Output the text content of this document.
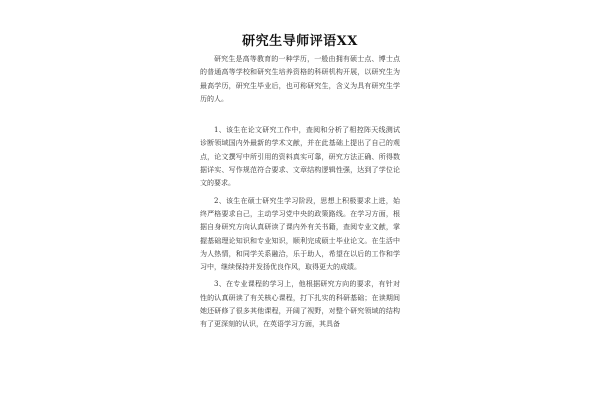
研究生导师评语XX

研究生是高等教育的一种学历，一般由拥有硕士点、博士点的普通高等学校和研究生培养资格的科研机构开展，以研究生为最高学历，研究生毕业后，也可称研究生，含义为具有研究生学历的人。

1、该生在论文研究工作中，查阅和分析了相控阵天线测试诊断领域国内外最新的学术文献，并在此基础上提出了自己的观点，论文撰写中所引用的资料真实可靠，研究方法正确、所得数据详实、写作规范符合要求、文章结构逻辑性强，达到了学位论文的要求。

2、该生在硕士研究生学习阶段，思想上积极要求上进，始终严格要求自己，主动学习党中央的政策路线。在学习方面，根据自身研究方向认真研读了课内外有关书籍，查阅专业文献，掌握基础理论知识和专业知识，顺利完成硕士毕业论文。在生活中为人热情，和同学关系融洽，乐于助人，希望在以后的工作和学习中，继续保持并发扬优良作风，取得更大的成绩。

3、在专业课程的学习上，他根据研究方向的要求，有针对性的认真研读了有关核心课程，打下扎实的科研基础；在读期间她还研修了很多其他课程，开阔了视野，对整个研究领域的结构有了更深刻的认识，在英语学习方面，其具备
